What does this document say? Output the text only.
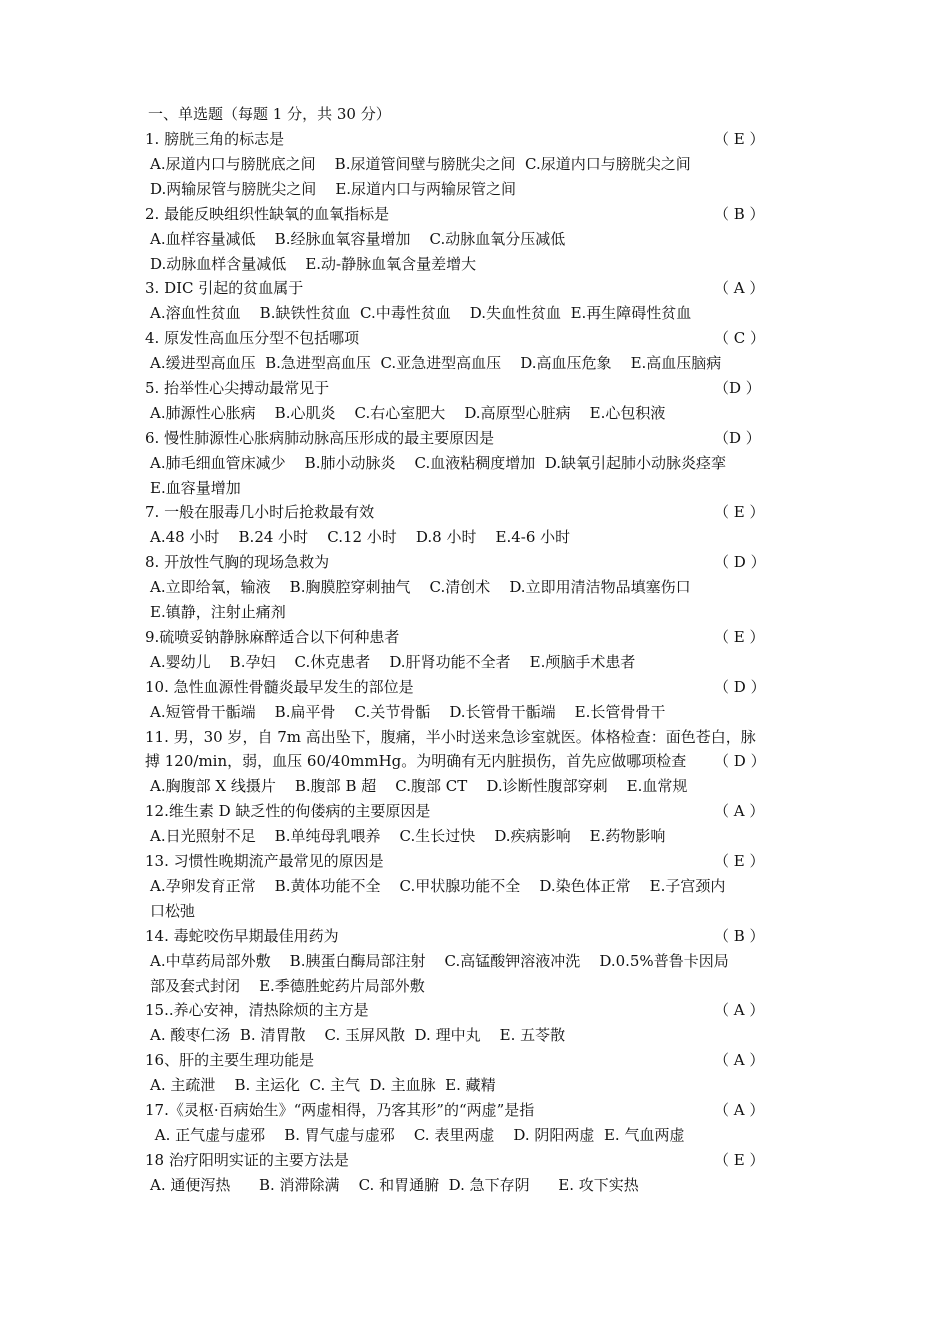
一、单选题（每题 1 分，共 30 分）
1. 膀胱三角的标志是	（ E ）
A.尿道内口与膀胱底之间    B.尿道管间壁与膀胱尖之间  C.尿道内口与膀胱尖之间
D.两输尿管与膀胱尖之间    E.尿道内口与两输尿管之间
2. 最能反映组织性缺氧的血氧指标是	（ B ）
A.血样容量减低    B.经脉血氧容量增加    C.动脉血氧分压减低
D.动脉血样含量减低    E.动-静脉血氧含量差增大
3. DIC 引起的贫血属于	（ A ）
A.溶血性贫血    B.缺铁性贫血  C.中毒性贫血    D.失血性贫血  E.再生障碍性贫血
4. 原发性高血压分型不包括哪项	（ C ）
A.缓进型高血压  B.急进型高血压  C.亚急进型高血压    D.高血压危象    E.高血压脑病
5. 抬举性心尖搏动最常见于	（D ）
A.肺源性心胀病    B.心肌炎    C.右心室肥大    D.高原型心脏病    E.心包积液
6. 慢性肺源性心胀病肺动脉高压形成的最主要原因是	（D ）
A.肺毛细血管床减少    B.肺小动脉炎    C.血液粘稠度增加  D.缺氧引起肺小动脉炎痉挛
E.血容量增加
7. 一般在服毒几小时后抢救最有效	（ E ）
A.48 小时    B.24 小时    C.12 小时    D.8 小时    E.4-6 小时
8. 开放性气胸的现场急救为	（ D ）
A.立即给氧，输液    B.胸膜腔穿刺抽气    C.清创术    D.立即用清洁物品填塞伤口
E.镇静，注射止痛剂
9.硫喷妥钠静脉麻醉适合以下何种患者	（ E ）
A.婴幼儿    B.孕妇    C.休克患者    D.肝肾功能不全者    E.颅脑手术患者
10. 急性血源性骨髓炎最早发生的部位是	（ D ）
A.短管骨干骺端    B.扁平骨    C.关节骨骺    D.长管骨干骺端    E.长管骨骨干
11. 男，30 岁，自 7m 高出坠下，腹痛，半小时送来急诊室就医。体格检查：面色苍白，脉
搏 120/min，弱，血压 60/40mmHg。为明确有无内脏损伤，首先应做哪项检查 （ D ）
A.胸腹部 X 线摄片    B.腹部 B 超    C.腹部 CT    D.诊断性腹部穿刺    E.血常规
12.维生素 D 缺乏性的佝偻病的主要原因是	（ A ）
A.日光照射不足    B.单纯母乳喂养    C.生长过快    D.疾病影响    E.药物影响
13. 习惯性晚期流产最常见的原因是	（ E ）
A.孕卵发育正常    B.黄体功能不全    C.甲状腺功能不全    D.染色体正常    E.子宫颈内
口松弛
14. 毒蛇咬伤早期最佳用药为	（ B ）
A.中草药局部外敷    B.胰蛋白酶局部注射    C.高锰酸钾溶液冲洗    D.0.5%普鲁卡因局
部及套式封闭    E.季德胜蛇药片局部外敷
15..养心安神，清热除烦的主方是	（ A ）
A. 酸枣仁汤  B. 清胃散    C. 玉屏风散  D. 理中丸    E. 五苓散
16、肝的主要生理功能是	（ A ）
A. 主疏泄    B. 主运化  C. 主气  D. 主血脉  E. 藏精
17.《灵枢·百病始生》“两虚相得，乃客其形”的“两虚”是指	（ A ）
A. 正气虚与虚邪    B. 胃气虚与虚邪    C. 表里两虚    D. 阴阳两虚  E. 气血两虚
18 治疗阳明实证的主要方法是	（ E ）
A. 通便泻热      B. 消滞除满    C. 和胃通腑  D. 急下存阴      E. 攻下实热
